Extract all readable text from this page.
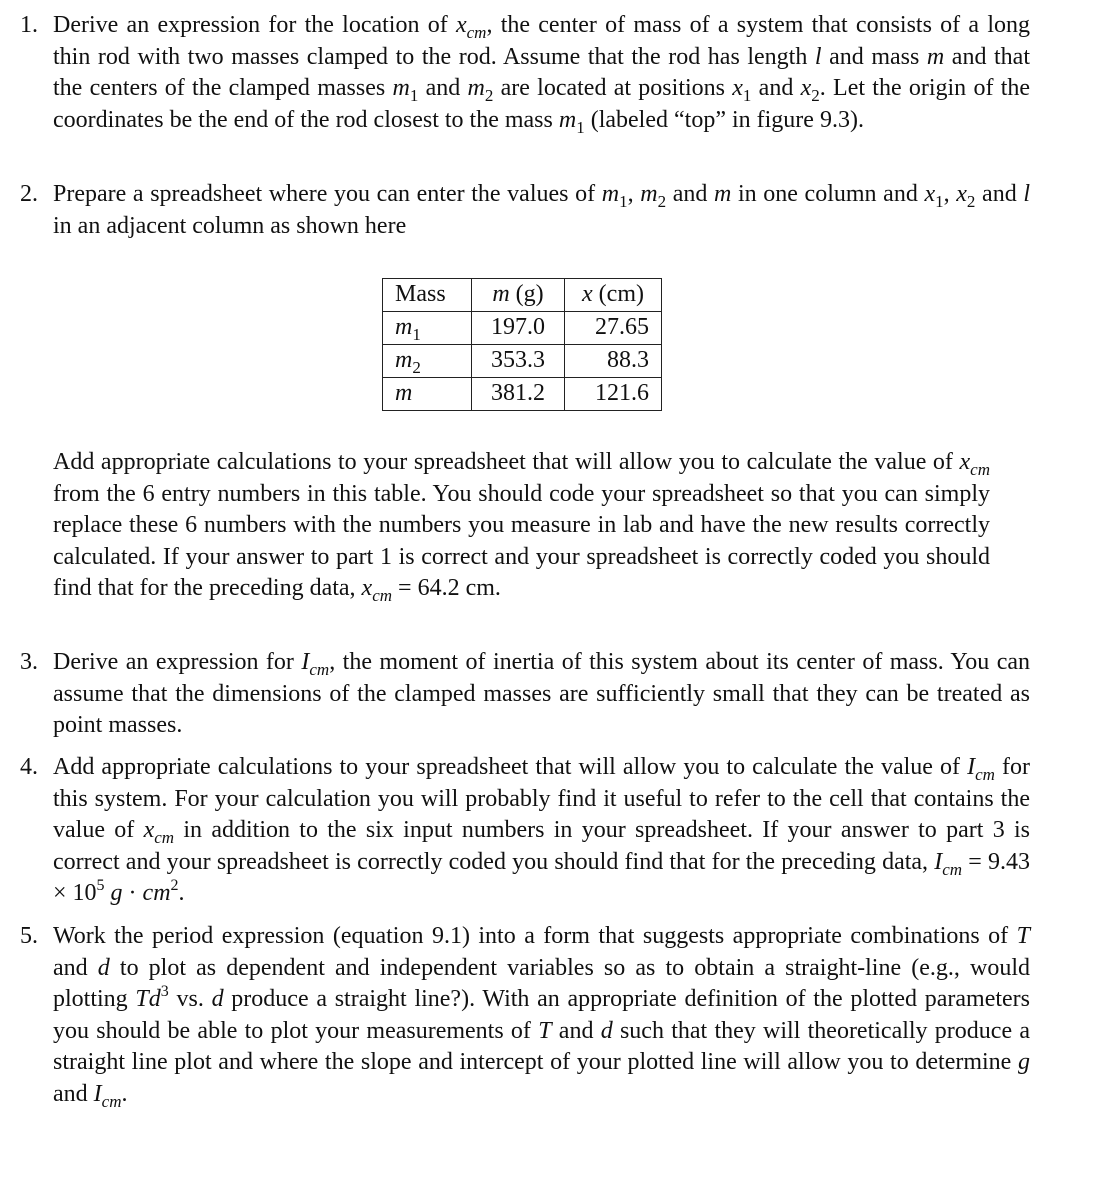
1. Derive an expression for the location of $x_{cm}$, the center of mass of a system that consists of a long thin rod with two masses clamped to the rod. Assume that the rod has length l and mass m and that the centers of the clamped masses $m_1$ and $m_2$ are located at positions $x_1$ and $x_2$. Let the origin of the coordinates be the end of the rod closest to the mass $m_1$ (labeled “top” in figure 9.3).

2. Prepare a spreadsheet where you can enter the values of $m_1$, $m_2$ and m in one column and $x_1$, $x_2$ and l in an adjacent column as shown here

Mass	m (g)	x (cm)
$m_1$	197.0	27.65
$m_2$	353.3	88.3
m	381.2	121.6

Add appropriate calculations to your spreadsheet that will allow you to calculate the value of $x_{cm}$ from the 6 entry numbers in this table. You should code your spreadsheet so that you can simply replace these 6 numbers with the numbers you measure in lab and have the new results correctly calculated. If your answer to part 1 is correct and your spreadsheet is correctly coded you should find that for the preceding data, $x_{cm} = 64.2$ cm.

3. Derive an expression for $I_{cm}$, the moment of inertia of this system about its center of mass. You can assume that the dimensions of the clamped masses are sufficiently small that they can be treated as point masses.

4. Add appropriate calculations to your spreadsheet that will allow you to calculate the value of $I_{cm}$ for this system. For your calculation you will probably find it useful to refer to the cell that contains the value of $x_{cm}$ in addition to the six input numbers in your spreadsheet. If your answer to part 3 is correct and your spreadsheet is correctly coded you should find that for the preceding data, $I_{cm} = 9.43 \times 10^5$ $g \cdot cm^2$.

5. Work the period expression (equation 9.1) into a form that suggests appropriate combinations of T and d to plot as dependent and independent variables so as to obtain a straight-line (e.g., would plotting Td$^3$ vs. d produce a straight line?). With an appropriate definition of the plotted parameters you should be able to plot your measurements of T and d such that they will theoretically produce a straight line plot and where the slope and intercept of your plotted line will allow you to determine g and $I_{cm}$.
